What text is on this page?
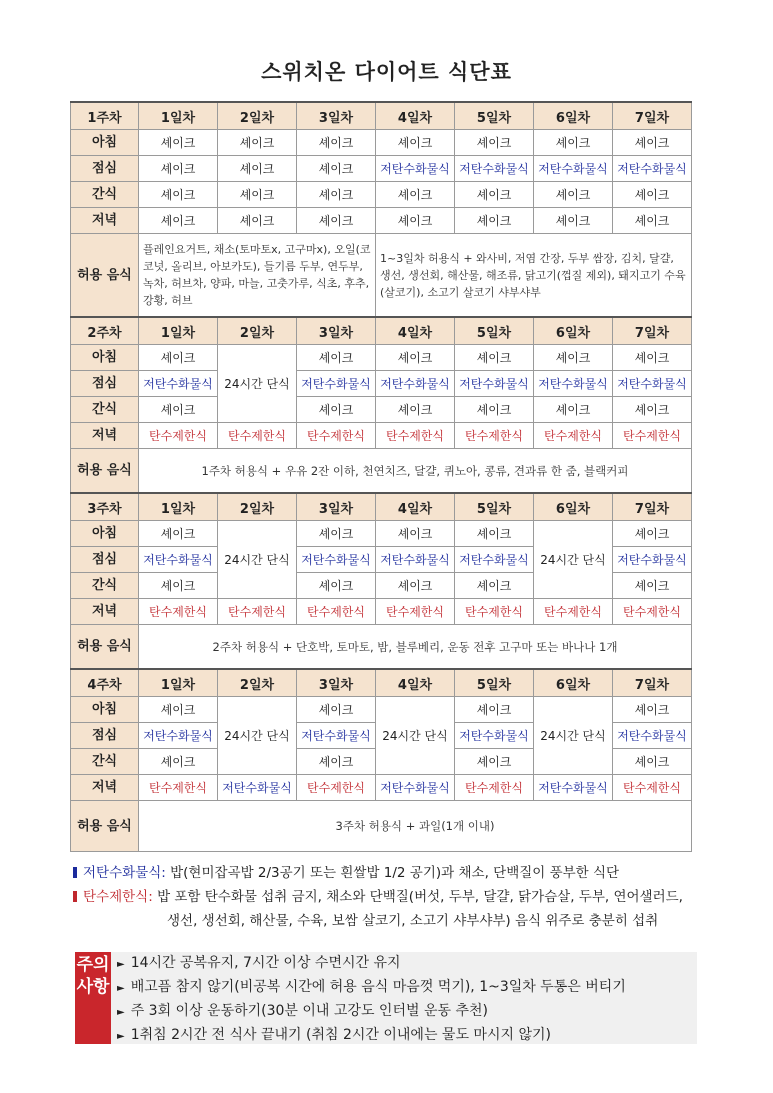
스위치온 다이어트 식단표
1주차	1일차	2일차	3일차	4일차	5일차	6일차	7일차
아침	셰이크	셰이크	셰이크	셰이크	셰이크	셰이크	셰이크
점심	셰이크	셰이크	셰이크	저탄수화물식	저탄수화물식	저탄수화물식	저탄수화물식
간식	셰이크	셰이크	셰이크	셰이크	셰이크	셰이크	셰이크
저녁	셰이크	셰이크	셰이크	셰이크	셰이크	셰이크	셰이크
허용 음식	플레인요거트, 채소(토마토x, 고구마x), 오일(코코넛, 올리브, 아보카도), 들기름 두부, 연두부, 녹차, 허브차, 양파, 마늘, 고춧가루, 식초, 후추, 강황, 허브			1~3일차 허용식 + 와사비, 저염 간장, 두부 쌈장, 김치, 달걀, 생선, 생선회, 해산물, 해조류, 닭고기(껍질 제외), 돼지고기 수육(살코기), 소고기 살코기 샤부샤부			
2주차	1일차	2일차	3일차	4일차	5일차	6일차	7일차
아침	셰이크	24시간 단식	셰이크	셰이크	셰이크	셰이크	셰이크
점심	저탄수화물식		저탄수화물식	저탄수화물식	저탄수화물식	저탄수화물식	저탄수화물식
간식	셰이크		셰이크	셰이크	셰이크	셰이크	셰이크
저녁	탄수제한식	탄수제한식	탄수제한식	탄수제한식	탄수제한식	탄수제한식	탄수제한식
허용 음식	1주차 허용식 + 우유 2잔 이하, 천연치즈, 달걀, 퀴노아, 콩류, 견과류 한 줌, 블랙커피						
3주차	1일차	2일차	3일차	4일차	5일차	6일차	7일차
아침	셰이크	24시간 단식	셰이크	셰이크	셰이크	24시간 단식	셰이크
점심	저탄수화물식		저탄수화물식	저탄수화물식	저탄수화물식		저탄수화물식
간식	셰이크		셰이크	셰이크	셰이크		셰이크
저녁	탄수제한식	탄수제한식	탄수제한식	탄수제한식	탄수제한식	탄수제한식	탄수제한식
허용 음식	2주차 허용식 + 단호박, 토마토, 밤, 블루베리, 운동 전후 고구마 또는 바나나 1개						
4주차	1일차	2일차	3일차	4일차	5일차	6일차	7일차
아침	셰이크	24시간 단식	셰이크	24시간 단식	셰이크	24시간 단식	셰이크
점심	저탄수화물식		저탄수화물식		저탄수화물식		저탄수화물식
간식	셰이크		셰이크		셰이크		셰이크
저녁	탄수제한식	저탄수화물식	탄수제한식	저탄수화물식	탄수제한식	저탄수화물식	탄수제한식
허용 음식	3주차 허용식 + 과일(1개 이내)						
저탄수화물식: 밥(현미잡곡밥 2/3공기 또는 흰쌀밥 1/2 공기)과 채소, 단백질이 풍부한 식단
탄수제한식: 밥 포함 탄수화물 섭취 금지, 채소와 단백질(버섯, 두부, 달걀, 닭가슴살, 두부, 연어샐러드,
생선, 생선회, 해산물, 수육, 보쌈 살코기, 소고기 샤부샤부) 음식 위주로 충분히 섭취
주의사항
► 14시간 공복유지, 7시간 이상 수면시간 유지
► 배고픔 참지 않기(비공복 시간에 허용 음식 마음껏 먹기), 1~3일차 두통은 버티기
► 주 3회 이상 운동하기(30분 이내 고강도 인터벌 운동 추천)
► 1취침 2시간 전 식사 끝내기 (취침 2시간 이내에는 물도 마시지 않기)
